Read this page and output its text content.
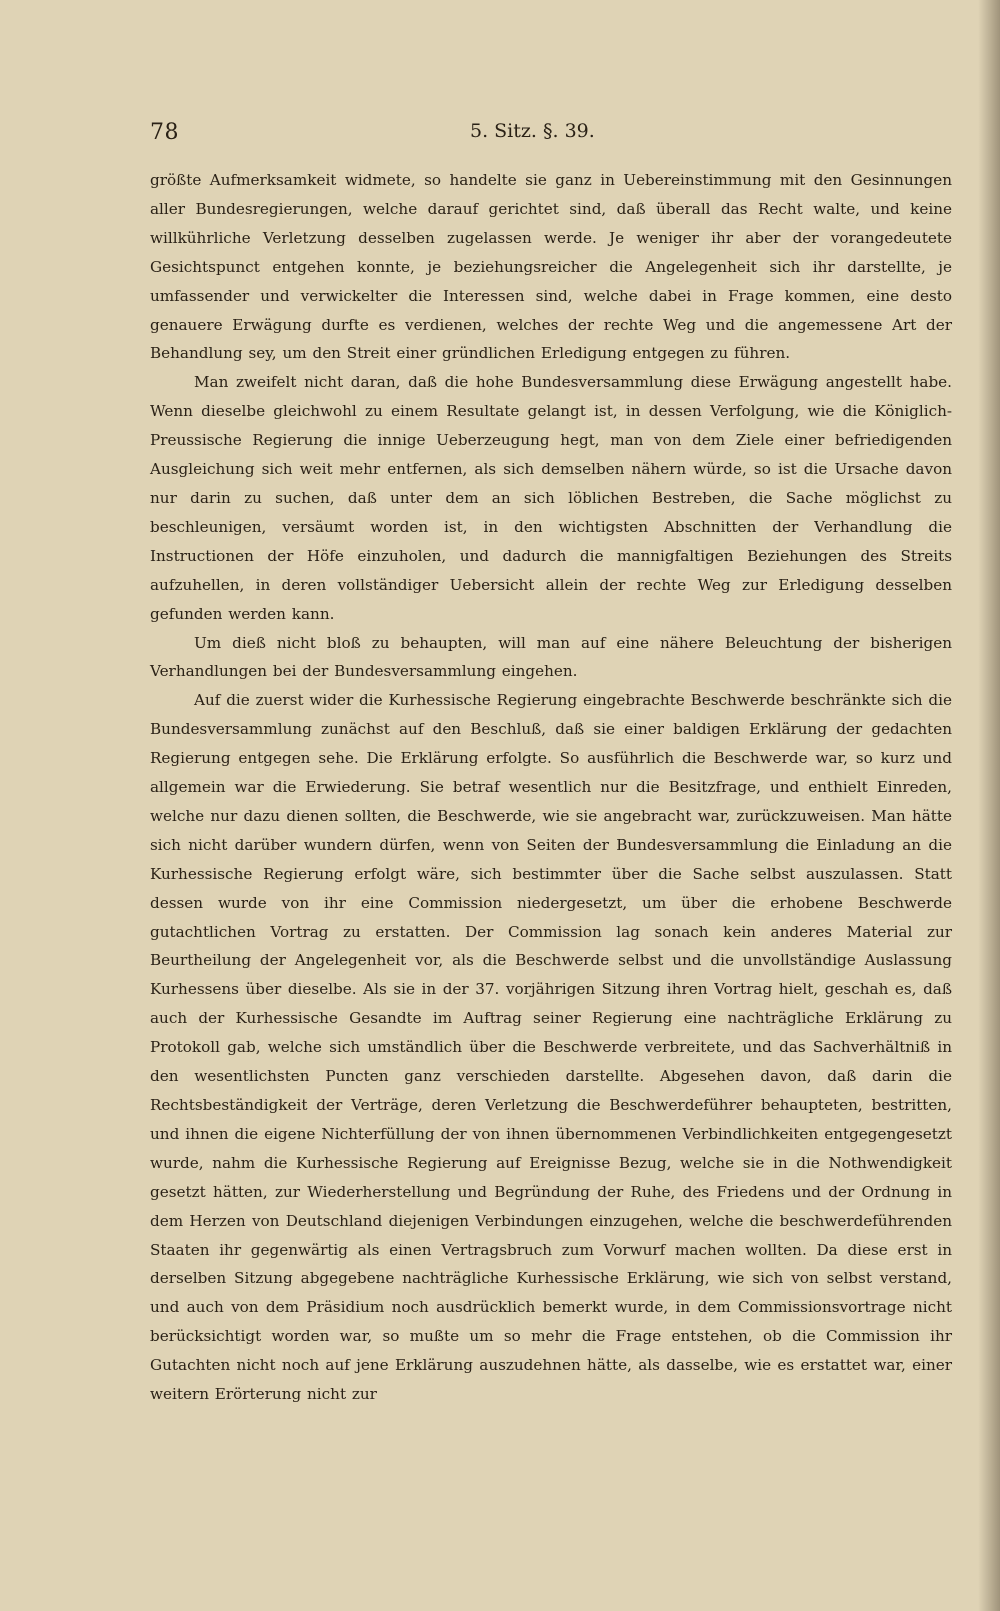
78	5. Sitz. §. 39.

größte Aufmerksamkeit widmete, so handelte sie ganz in Uebereinstimmung mit den Gesinnungen aller Bundesregierungen, welche darauf gerichtet sind, daß überall das Recht walte, und keine willkührliche Verletzung desselben zugelassen werde. Je weniger ihr aber der vorangedeutete Gesichtspunct entgehen konnte, je beziehungsreicher die Angelegenheit sich ihr darstellte, je umfassender und verwickelter die Interessen sind, welche dabei in Frage kommen, eine desto genauere Erwägung durfte es verdienen, welches der rechte Weg und die angemessene Art der Behandlung sey, um den Streit einer gründlichen Erledigung entgegen zu führen.

Man zweifelt nicht daran, daß die hohe Bundesversammlung diese Erwägung angestellt habe. Wenn dieselbe gleichwohl zu einem Resultate gelangt ist, in dessen Verfolgung, wie die Königlich-Preussische Regierung die innige Ueberzeugung hegt, man von dem Ziele einer befriedigenden Ausgleichung sich weit mehr entfernen, als sich demselben nähern würde, so ist die Ursache davon nur darin zu suchen, daß unter dem an sich löblichen Bestreben, die Sache möglichst zu beschleunigen, versäumt worden ist, in den wichtigsten Abschnitten der Verhandlung die Instructionen der Höfe einzuholen, und dadurch die mannigfaltigen Beziehungen des Streits aufzuhellen, in deren vollständiger Uebersicht allein der rechte Weg zur Erledigung desselben gefunden werden kann.

Um dieß nicht bloß zu behaupten, will man auf eine nähere Beleuchtung der bisherigen Verhandlungen bei der Bundesversammlung eingehen.

Auf die zuerst wider die Kurhessische Regierung eingebrachte Beschwerde beschränkte sich die Bundesversammlung zunächst auf den Beschluß, daß sie einer baldigen Erklärung der gedachten Regierung entgegen sehe. Die Erklärung erfolgte. So ausführlich die Beschwerde war, so kurz und allgemein war die Erwiederung. Sie betraf wesentlich nur die Besitzfrage, und enthielt Einreden, welche nur dazu dienen sollten, die Beschwerde, wie sie angebracht war, zurückzuweisen. Man hätte sich nicht darüber wundern dürfen, wenn von Seiten der Bundesversammlung die Einladung an die Kurhessische Regierung erfolgt wäre, sich bestimmter über die Sache selbst auszulassen. Statt dessen wurde von ihr eine Commission niedergesetzt, um über die erhobene Beschwerde gutachtlichen Vortrag zu erstatten. Der Commission lag sonach kein anderes Material zur Beurtheilung der Angelegenheit vor, als die Beschwerde selbst und die unvollständige Auslassung Kurhessens über dieselbe. Als sie in der 37. vorjährigen Sitzung ihren Vortrag hielt, geschah es, daß auch der Kurhessische Gesandte im Auftrag seiner Regierung eine nachträgliche Erklärung zu Protokoll gab, welche sich umständlich über die Beschwerde verbreitete, und das Sachverhältniß in den wesentlichsten Puncten ganz verschieden darstellte. Abgesehen davon, daß darin die Rechtsbeständigkeit der Verträge, deren Verletzung die Beschwerdeführer behaupteten, bestritten, und ihnen die eigene Nichterfüllung der von ihnen übernommenen Verbindlichkeiten entgegengesetzt wurde, nahm die Kurhessische Regierung auf Ereignisse Bezug, welche sie in die Nothwendigkeit gesetzt hätten, zur Wiederherstellung und Begründung der Ruhe, des Friedens und der Ordnung in dem Herzen von Deutschland diejenigen Verbindungen einzugehen, welche die beschwerdeführenden Staaten ihr gegenwärtig als einen Vertragsbruch zum Vorwurf machen wollten. Da diese erst in derselben Sitzung abgegebene nachträgliche Kurhessische Erklärung, wie sich von selbst verstand, und auch von dem Präsidium noch ausdrücklich bemerkt wurde, in dem Commissionsvortrage nicht berücksichtigt worden war, so mußte um so mehr die Frage entstehen, ob die Commission ihr Gutachten nicht noch auf jene Erklärung auszudehnen hätte, als dasselbe, wie es erstattet war, einer weitern Erörterung nicht zur
